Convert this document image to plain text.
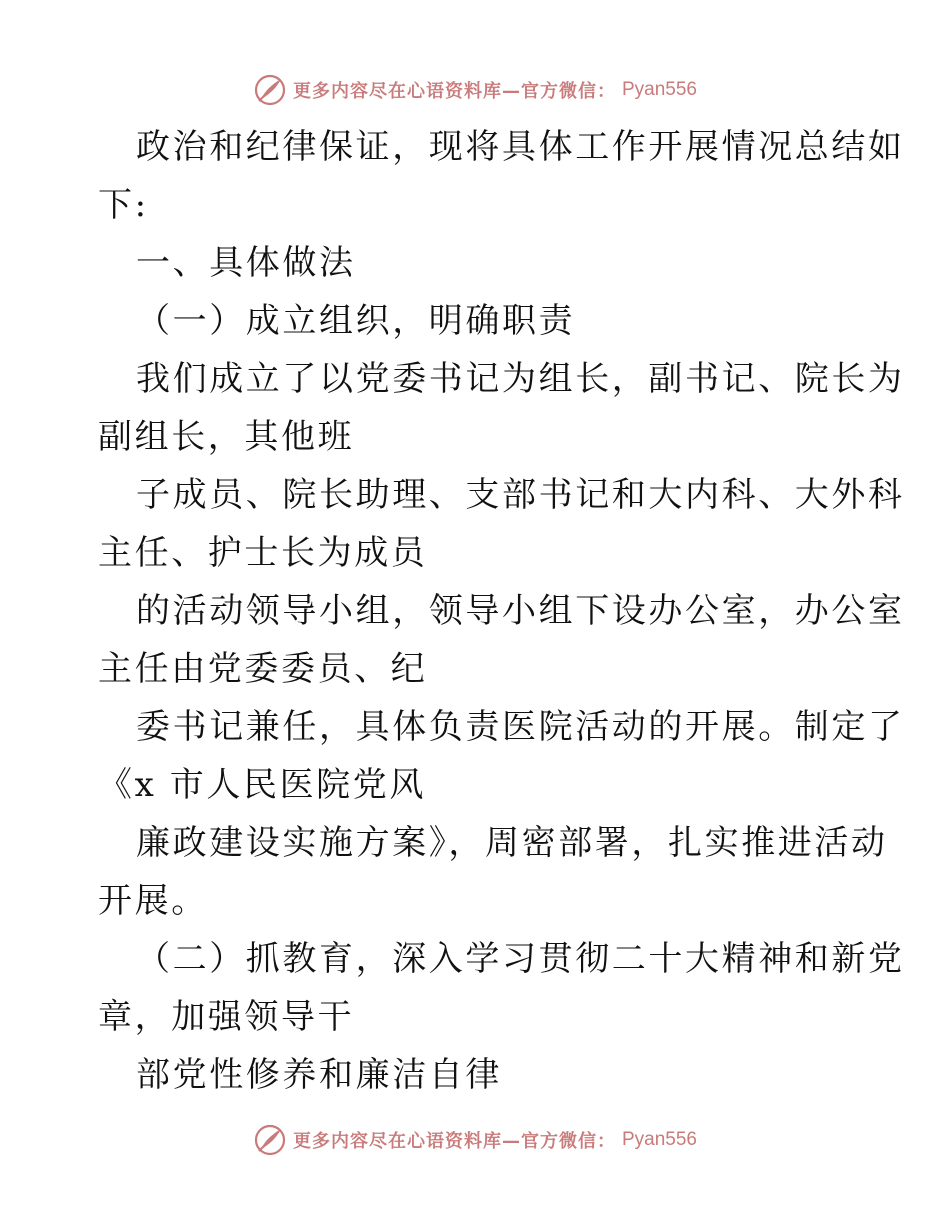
更多内容尽在心语资料库—官方微信： Pyan556
政治和纪律保证，现将具体工作开展情况总结如
下:
一、具体做法
（一）成立组织，明确职责
我们成立了以党委书记为组长，副书记、院长为
副组长，其他班
子成员、院长助理、支部书记和大内科、大外科
主任、护士长为成员
的活动领导小组，领导小组下设办公室，办公室
主任由党委委员、纪
委书记兼任，具体负责医院活动的开展。制定了
《x 市人民医院党风
廉政建设实施方案》，周密部署，扎实推进活动
开展。
（二）抓教育，深入学习贯彻二十大精神和新党
章，加强领导干
部党性修养和廉洁自律
更多内容尽在心语资料库—官方微信： Pyan556
